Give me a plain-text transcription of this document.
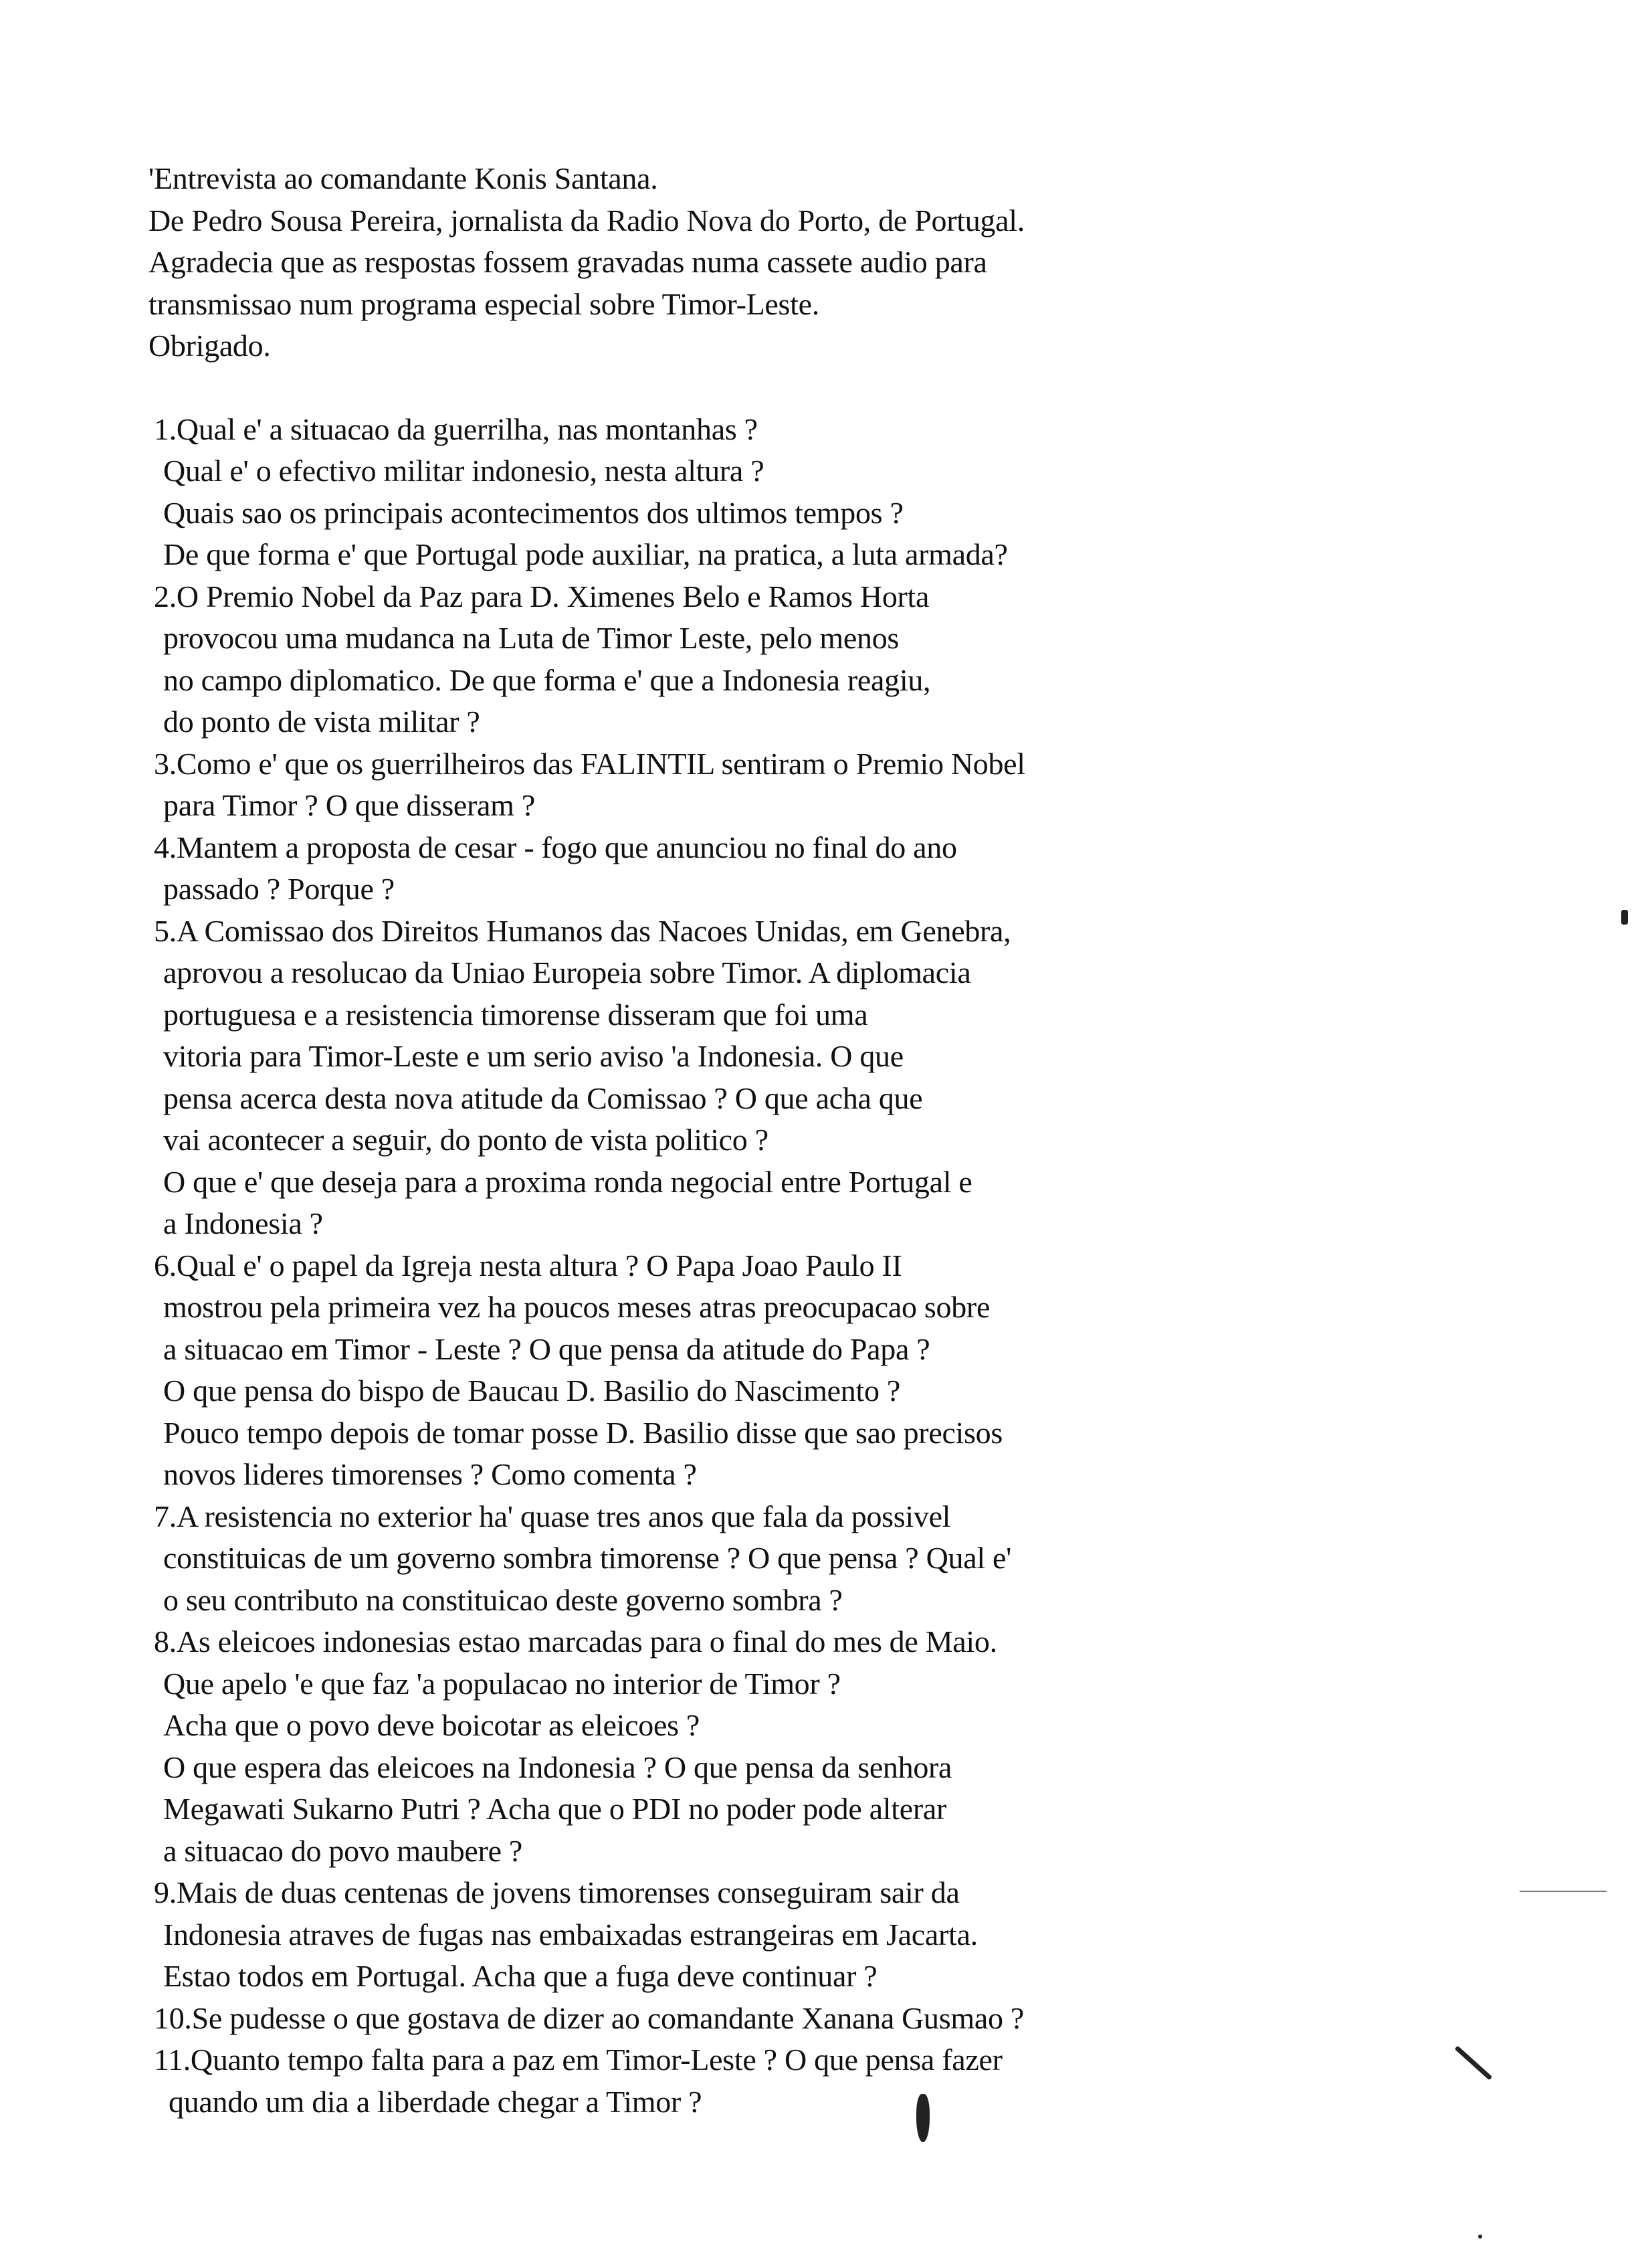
'Entrevista ao comandante Konis Santana.
De Pedro Sousa Pereira, jornalista da Radio Nova do Porto, de Portugal.
Agradecia que as respostas fossem gravadas numa cassete audio para
transmissao num programa especial sobre Timor-Leste.
Obrigado.
1.Qual e' a situacao da guerrilha, nas montanhas ?
Qual e' o efectivo militar indonesio, nesta altura ?
Quais sao os principais acontecimentos dos ultimos tempos ?
De que forma e' que Portugal pode auxiliar, na pratica, a luta armada?
2.O Premio Nobel da Paz para D. Ximenes Belo e Ramos Horta
provocou uma mudanca na Luta de Timor Leste, pelo menos
no campo diplomatico. De que forma e' que a Indonesia reagiu,
do ponto de vista militar ?
3.Como e' que os guerrilheiros das FALINTIL sentiram o Premio Nobel
para Timor ? O que disseram ?
4.Mantem a proposta de cesar - fogo que anunciou no final do ano
passado ? Porque ?
5.A Comissao dos Direitos Humanos das Nacoes Unidas, em Genebra,
aprovou a resolucao da Uniao Europeia sobre Timor. A diplomacia
portuguesa e a resistencia timorense disseram que foi uma
vitoria para Timor-Leste e um serio aviso 'a Indonesia. O que
pensa acerca desta nova atitude da Comissao ? O que acha que
vai acontecer a seguir, do ponto de vista politico ?
O que e' que deseja para a proxima ronda negocial entre Portugal e
a Indonesia ?
6.Qual e' o papel da Igreja nesta altura ? O Papa Joao Paulo II
mostrou pela primeira vez ha poucos meses atras preocupacao sobre
a situacao em Timor - Leste ? O que pensa da atitude do Papa ?
O que pensa do bispo de Baucau D. Basilio do Nascimento ?
Pouco tempo depois de tomar posse D. Basilio disse que sao precisos
novos lideres timorenses ? Como comenta ?
7.A resistencia no exterior ha' quase tres anos que fala da possivel
constituicas de um governo sombra timorense ? O que pensa ? Qual e'
o seu contributo na constituicao deste governo sombra ?
8.As eleicoes indonesias estao marcadas para o final do mes de Maio.
Que apelo 'e que faz 'a populacao no interior de Timor ?
Acha que o povo deve boicotar as eleicoes ?
O que espera das eleicoes na Indonesia ? O que pensa da senhora
Megawati Sukarno Putri ? Acha que o PDI no poder pode alterar
a situacao do povo maubere ?
9.Mais de duas centenas de jovens timorenses conseguiram sair da
Indonesia atraves de fugas nas embaixadas estrangeiras em Jacarta.
Estao todos em Portugal. Acha que a fuga deve continuar ?
10.Se pudesse o que gostava de dizer ao comandante Xanana Gusmao ?
11.Quanto tempo falta para a paz em Timor-Leste ? O que pensa fazer
quando um dia a liberdade chegar a Timor ?
